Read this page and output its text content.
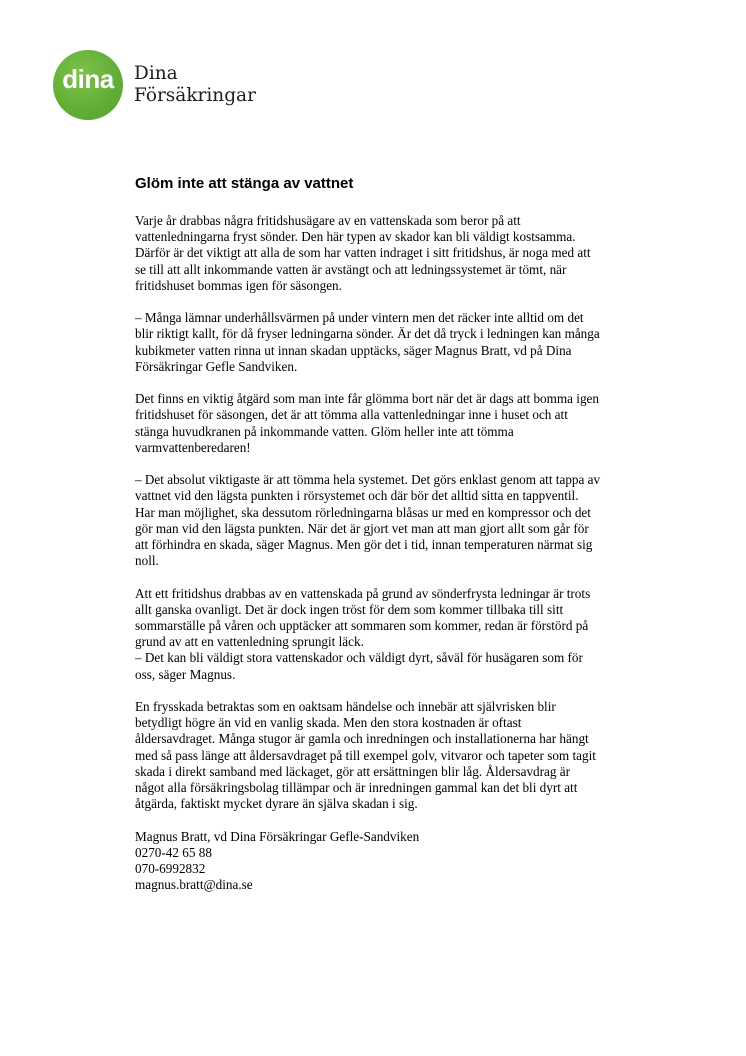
dina	Dina
Försäkringar
Glöm inte att stänga av vattnet

Varje år drabbas några fritidshusägare av en vattenskada som beror på att
vattenledningarna fryst sönder. Den här typen av skador kan bli väldigt kostsamma.
Därför är det viktigt att alla de som har vatten indraget i sitt fritidshus, är noga med att
se till att allt inkommande vatten är avstängt och att ledningssystemet är tömt, när
fritidshuset bommas igen för säsongen.

– Många lämnar underhållsvärmen på under vintern men det räcker inte alltid om det
blir riktigt kallt, för då fryser ledningarna sönder. Är det då tryck i ledningen kan många
kubikmeter vatten rinna ut innan skadan upptäcks, säger Magnus Bratt, vd på Dina
Försäkringar Gefle Sandviken.

Det finns en viktig åtgärd som man inte får glömma bort när det är dags att bomma igen
fritidshuset för säsongen, det är att tömma alla vattenledningar inne i huset och att
stänga huvudkranen på inkommande vatten. Glöm heller inte att tömma
varmvattenberedaren!

– Det absolut viktigaste är att tömma hela systemet. Det görs enklast genom att tappa av
vattnet vid den lägsta punkten i rörsystemet och där bör det alltid sitta en tappventil.
Har man möjlighet, ska dessutom rörledningarna blåsas ur med en kompressor och det
gör man vid den lägsta punkten. När det är gjort vet man att man gjort allt som går för
att förhindra en skada, säger Magnus. Men gör det i tid, innan temperaturen närmat sig
noll.

Att ett fritidshus drabbas av en vattenskada på grund av sönderfrysta ledningar är trots
allt ganska ovanligt. Det är dock ingen tröst för dem som kommer tillbaka till sitt
sommarställe på våren och upptäcker att sommaren som kommer, redan är förstörd på
grund av att en vattenledning sprungit läck.
– Det kan bli väldigt stora vattenskador och väldigt dyrt, såväl för husägaren som för
oss, säger Magnus.

En frysskada betraktas som en oaktsam händelse och innebär att självrisken blir
betydligt högre än vid en vanlig skada. Men den stora kostnaden är oftast
åldersavdraget. Många stugor är gamla och inredningen och installationerna har hängt
med så pass länge att åldersavdraget på till exempel golv, vitvaror och tapeter som tagit
skada i direkt samband med läckaget, gör att ersättningen blir låg. Åldersavdrag är
något alla försäkringsbolag tillämpar och är inredningen gammal kan det bli dyrt att
åtgärda, faktiskt mycket dyrare än själva skadan i sig.

Magnus Bratt, vd Dina Försäkringar Gefle-Sandviken
0270-42 65 88
070-6992832
magnus.bratt@dina.se
